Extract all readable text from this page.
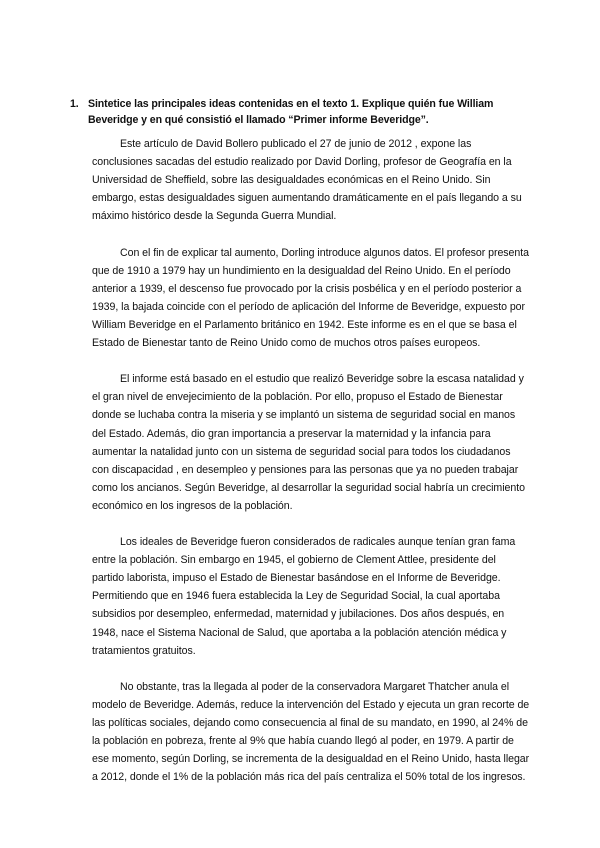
1. Sintetice las principales ideas contenidas en el texto 1. Explique quién fue William Beveridge y en qué consistió el llamado “Primer informe Beveridge”.

Este artículo de David Bollero publicado el 27 de junio de 2012 , expone las conclusiones sacadas del estudio realizado por David Dorling, profesor de Geografía en la Universidad de Sheffield, sobre las desigualdades económicas en el Reino Unido. Sin embargo, estas desigualdades siguen aumentando dramáticamente en el país llegando a su máximo histórico desde la Segunda Guerra Mundial.

Con el fin de explicar tal aumento, Dorling introduce algunos datos. El profesor presenta que de 1910 a 1979 hay un hundimiento en la desigualdad del Reino Unido. En el período anterior a 1939, el descenso fue provocado por la crisis posbélica y en el período posterior a 1939, la bajada coincide con el período de aplicación del Informe de Beveridge, expuesto por William Beveridge en el Parlamento británico en 1942. Este informe es en el que se basa el Estado de Bienestar tanto de Reino Unido como de muchos otros países europeos.

El informe está basado en el estudio que realizó Beveridge sobre la escasa natalidad y el gran nivel de envejecimiento de la población. Por ello, propuso el Estado de Bienestar donde se luchaba contra la miseria y se implantó un sistema de seguridad social en manos del Estado. Además, dio gran importancia a preservar la maternidad y la infancia para aumentar la natalidad junto con un sistema de seguridad social para todos los ciudadanos con discapacidad , en desempleo y pensiones para las personas que ya no pueden trabajar como los ancianos. Según Beveridge, al desarrollar la seguridad social habría un crecimiento económico en los ingresos de la población.

Los ideales de Beveridge fueron considerados de radicales aunque tenían gran fama entre la población. Sin embargo en 1945, el gobierno de Clement Attlee, presidente del partido laborista, impuso el Estado de Bienestar basándose en el Informe de Beveridge. Permitiendo que en 1946 fuera establecida la Ley de Seguridad Social, la cual aportaba subsidios por desempleo, enfermedad, maternidad y jubilaciones. Dos años después, en 1948, nace el Sistema Nacional de Salud, que aportaba a la población atención médica y tratamientos gratuitos.

No obstante, tras la llegada al poder de la conservadora Margaret Thatcher anula el modelo de Beveridge. Además, reduce la intervención del Estado y ejecuta un gran recorte de las políticas sociales, dejando como consecuencia al final de su mandato, en 1990, al 24% de la población en pobreza, frente al 9% que había cuando llegó al poder, en 1979. A partir de ese momento, según Dorling, se incrementa de la desigualdad en el Reino Unido, hasta llegar a 2012, donde el 1% de la población más rica del país centraliza el 50% total de los ingresos.
